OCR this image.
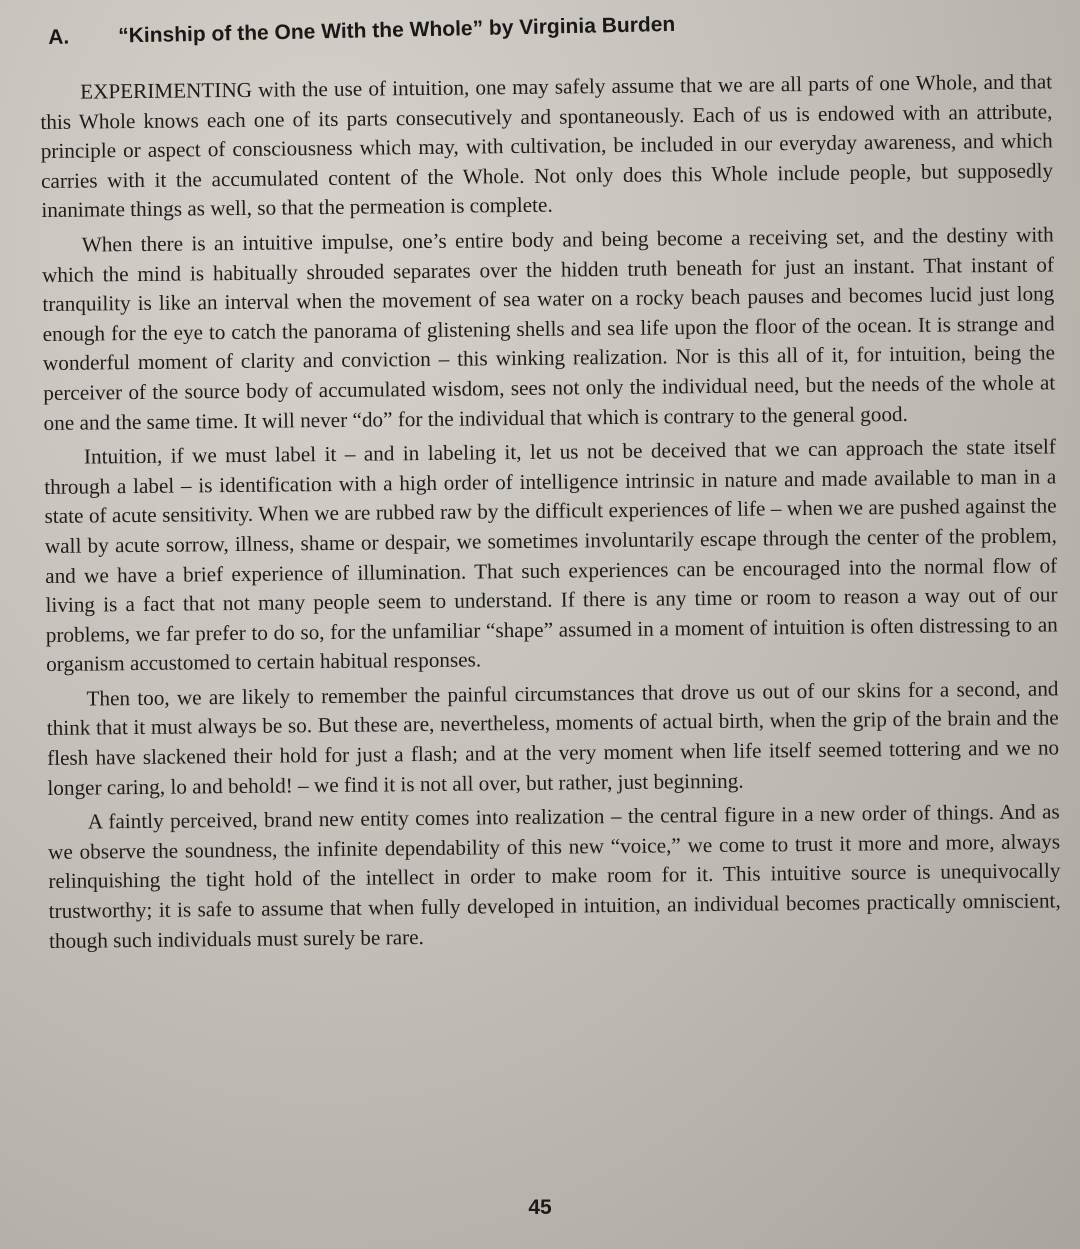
A. “Kinship of the One With the Whole” by Virginia Burden

EXPERIMENTING with the use of intuition, one may safely assume that we are all parts of one Whole, and that this Whole knows each one of its parts consecutively and spontaneously. Each of us is endowed with an attribute, principle or aspect of consciousness which may, with cultivation, be included in our everyday awareness, and which carries with it the accumulated content of the Whole. Not only does this Whole include people, but supposedly inanimate things as well, so that the permeation is complete.

When there is an intuitive impulse, one’s entire body and being become a receiving set, and the destiny with which the mind is habitually shrouded separates over the hidden truth beneath for just an instant. That instant of tranquility is like an interval when the movement of sea water on a rocky beach pauses and becomes lucid just long enough for the eye to catch the panorama of glistening shells and sea life upon the floor of the ocean. It is strange and wonderful moment of clarity and conviction – this winking realization. Nor is this all of it, for intuition, being the perceiver of the source body of accumulated wisdom, sees not only the individual need, but the needs of the whole at one and the same time. It will never “do” for the individual that which is contrary to the general good.

Intuition, if we must label it – and in labeling it, let us not be deceived that we can approach the state itself through a label – is identification with a high order of intelligence intrinsic in nature and made available to man in a state of acute sensitivity. When we are rubbed raw by the difficult experiences of life – when we are pushed against the wall by acute sorrow, illness, shame or despair, we sometimes involuntarily escape through the center of the problem, and we have a brief experience of illumination. That such experiences can be encouraged into the normal flow of living is a fact that not many people seem to understand. If there is any time or room to reason a way out of our problems, we far prefer to do so, for the unfamiliar “shape” assumed in a moment of intuition is often distressing to an organism accustomed to certain habitual responses.

Then too, we are likely to remember the painful circumstances that drove us out of our skins for a second, and think that it must always be so. But these are, nevertheless, moments of actual birth, when the grip of the brain and the flesh have slackened their hold for just a flash; and at the very moment when life itself seemed tottering and we no longer caring, lo and behold! – we find it is not all over, but rather, just beginning.

A faintly perceived, brand new entity comes into realization – the central figure in a new order of things. And as we observe the soundness, the infinite dependability of this new “voice,” we come to trust it more and more, always relinquishing the tight hold of the intellect in order to make room for it. This intuitive source is unequivocally trustworthy; it is safe to assume that when fully developed in intuition, an individual becomes practically omniscient, though such individuals must surely be rare.

45
